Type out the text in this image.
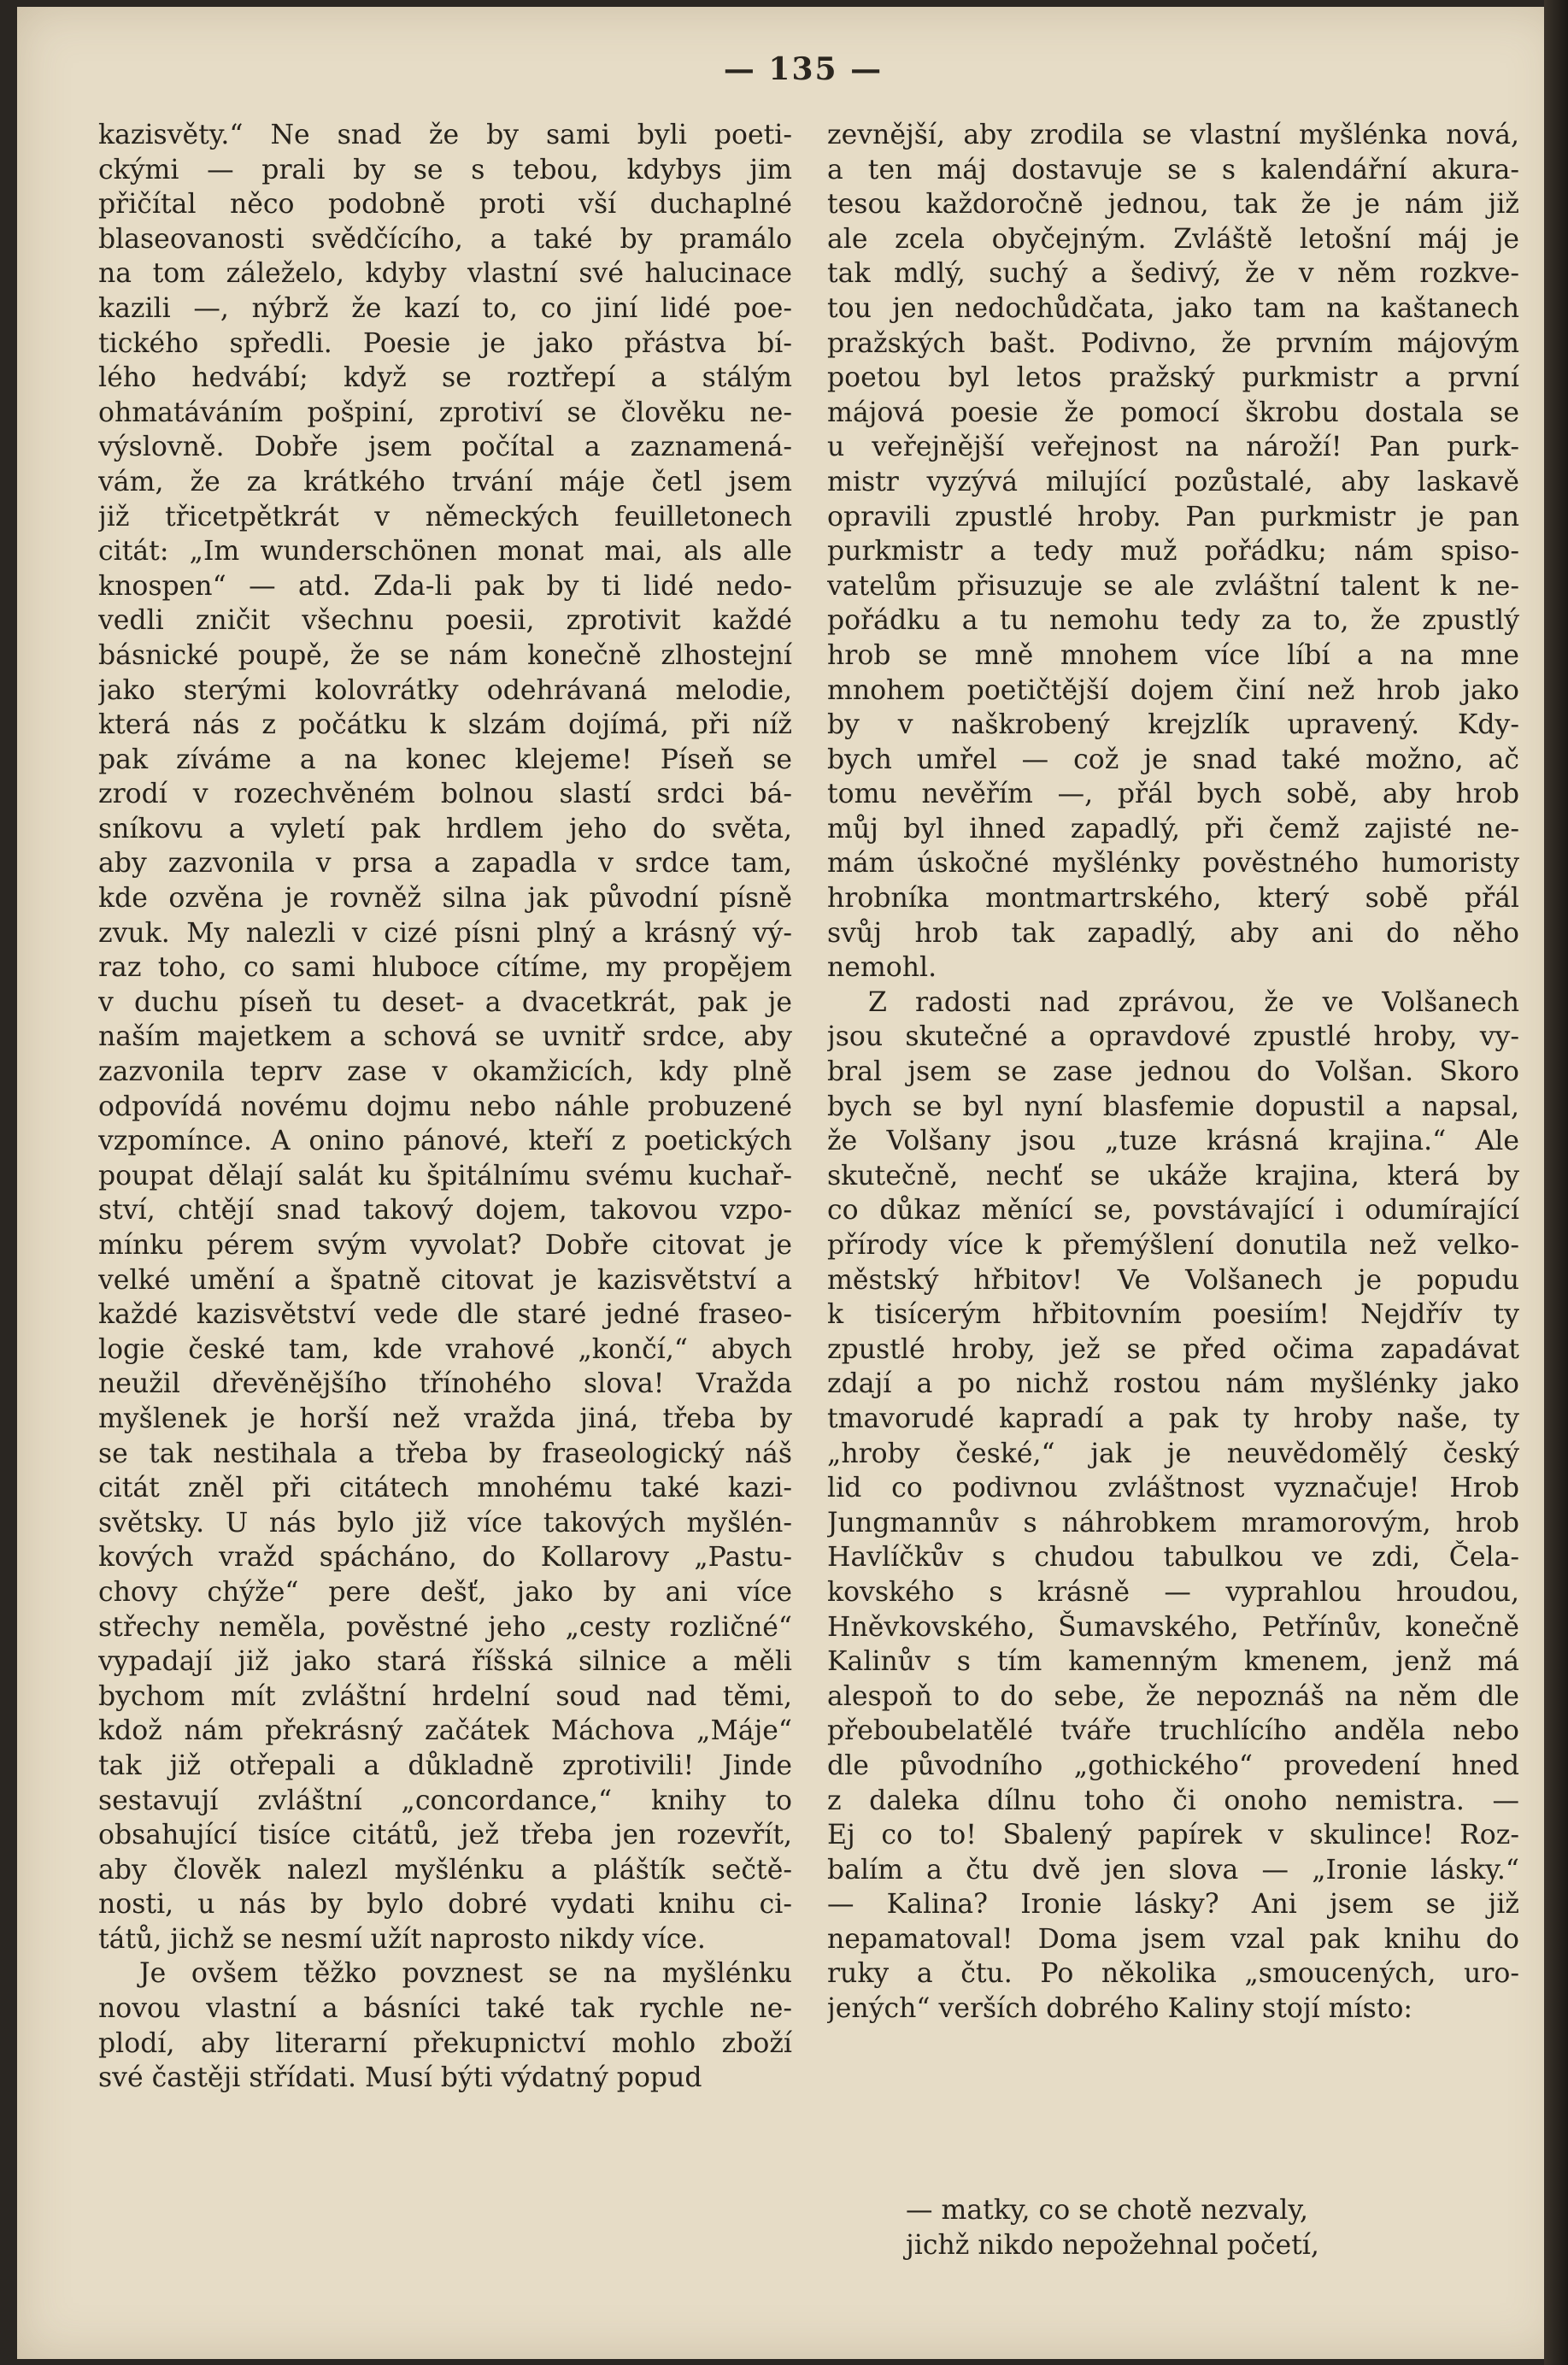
— 135 —
kazisvěty.“ Ne snad že by sami byli poeti-
ckými — prali by se s tebou, kdybys jim
přičítal něco podobně proti vší duchaplné
blaseovanosti svědčícího, a také by pramálo
na tom záleželo, kdyby vlastní své halucinace
kazili —, nýbrž že kazí to, co jiní lidé poe-
tického spředli. Poesie je jako přástva bí-
lého hedvábí; když se roztřepí a stálým
ohmatáváním pošpiní, zprotiví se člověku ne-
výslovně. Dobře jsem počítal a zaznamená-
vám, že za krátkého trvání máje četl jsem
již třicetpětkrát v německých feuilletonech
citát: „Im wunderschönen monat mai, als alle
knospen“ — atd. Zda-li pak by ti lidé nedo-
vedli zničit všechnu poesii, zprotivit každé
básnické poupě, že se nám konečně zlhostejní
jako sterými kolovrátky odehrávaná melodie,
která nás z počátku k slzám dojímá, při níž
pak zíváme a na konec klejeme! Píseň se
zrodí v rozechvěném bolnou slastí srdci bá-
sníkovu a vyletí pak hrdlem jeho do světa,
aby zazvonila v prsa a zapadla v srdce tam,
kde ozvěna je rovněž silna jak původní písně
zvuk. My nalezli v cizé písni plný a krásný vý-
raz toho, co sami hluboce cítíme, my propějem
v duchu píseň tu deset- a dvacetkrát, pak je
naším majetkem a schová se uvnitř srdce, aby
zazvonila teprv zase v okamžicích, kdy plně
odpovídá novému dojmu nebo náhle probuzené
vzpomínce. A onino pánové, kteří z poetických
poupat dělají salát ku špitálnímu svému kuchař-
ství, chtějí snad takový dojem, takovou vzpo-
mínku pérem svým vyvolat? Dobře citovat je
velké umění a špatně citovat je kazisvětství a
každé kazisvětství vede dle staré jedné fraseo-
logie české tam, kde vrahové „končí,“ abych
neužil dřevěnějšího třínohého slova! Vražda
myšlenek je horší než vražda jiná, třeba by
se tak nestihala a třeba by fraseologický náš
citát zněl při citátech mnohému také kazi-
světsky. U nás bylo již více takových myšlén-
kových vražd spácháno, do Kollarovy „Pastu-
chovy chýže“ pere dešť, jako by ani více
střechy neměla, pověstné jeho „cesty rozličné“
vypadají již jako stará říšská silnice a měli
bychom mít zvláštní hrdelní soud nad těmi,
kdož nám překrásný začátek Máchova „Máje“
tak již otřepali a důkladně zprotivili! Jinde
sestavují zvláštní „concordance,“ knihy to
obsahující tisíce citátů, jež třeba jen rozevřít,
aby člověk nalezl myšlénku a pláštík sečtě-
nosti, u nás by bylo dobré vydati knihu ci-
tátů, jichž se nesmí užít naprosto nikdy více.
Je ovšem těžko povznest se na myšlénku
novou vlastní a básníci také tak rychle ne-
plodí, aby literarní překupnictví mohlo zboží
své častěji střídati. Musí býti výdatný popud
zevnější, aby zrodila se vlastní myšlénka nová,
a ten máj dostavuje se s kalendářní akura-
tesou každoročně jednou, tak že je nám již
ale zcela obyčejným. Zvláště letošní máj je
tak mdlý, suchý a šedivý, že v něm rozkve-
tou jen nedochůdčata, jako tam na kaštanech
pražských bašt. Podivno, že prvním májovým
poetou byl letos pražský purkmistr a první
májová poesie že pomocí škrobu dostala se
u veřejnější veřejnost na nároží! Pan purk-
mistr vyzývá milující pozůstalé, aby laskavě
opravili zpustlé hroby. Pan purkmistr je pan
purkmistr a tedy muž pořádku; nám spiso-
vatelům přisuzuje se ale zvláštní talent k ne-
pořádku a tu nemohu tedy za to, že zpustlý
hrob se mně mnohem více líbí a na mne
mnohem poetičtější dojem činí než hrob jako
by v naškrobený krejzlík upravený. Kdy-
bych umřel — což je snad také možno, ač
tomu nevěřím —, přál bych sobě, aby hrob
můj byl ihned zapadlý, při čemž zajisté ne-
mám úskočné myšlénky pověstného humoristy
hrobníka montmartrského, který sobě přál
svůj hrob tak zapadlý, aby ani do něho
nemohl.
Z radosti nad zprávou, že ve Volšanech
jsou skutečné a opravdové zpustlé hroby, vy-
bral jsem se zase jednou do Volšan. Skoro
bych se byl nyní blasfemie dopustil a napsal,
že Volšany jsou „tuze krásná krajina.“ Ale
skutečně, nechť se ukáže krajina, která by
co důkaz měnící se, povstávající i odumírající
přírody více k přemýšlení donutila než velko-
městský hřbitov! Ve Volšanech je popudu
k tisícerým hřbitovním poesiím! Nejdřív ty
zpustlé hroby, jež se před očima zapadávat
zdají a po nichž rostou nám myšlénky jako
tmavorudé kapradí a pak ty hroby naše, ty
„hroby české,“ jak je neuvědomělý český
lid co podivnou zvláštnost vyznačuje! Hrob
Jungmannův s náhrobkem mramorovým, hrob
Havlíčkův s chudou tabulkou ve zdi, Čela-
kovského s krásně — vyprahlou hroudou,
Hněvkovského, Šumavského, Petřínův, konečně
Kalinův s tím kamenným kmenem, jenž má
alespoň to do sebe, že nepoznáš na něm dle
přeboubelatělé tváře truchlícího anděla nebo
dle původního „gothického“ provedení hned
z daleka dílnu toho či onoho nemistra. —
Ej co to! Sbalený papírek v skulince! Roz-
balím a čtu dvě jen slova — „Ironie lásky.“
— Kalina? Ironie lásky? Ani jsem se již
nepamatoval! Doma jsem vzal pak knihu do
ruky a čtu. Po několika „smoucených, uro-
jených“ verších dobrého Kaliny stojí místo:
— matky, co se chotě nezvaly,
jichž nikdo nepožehnal početí,
